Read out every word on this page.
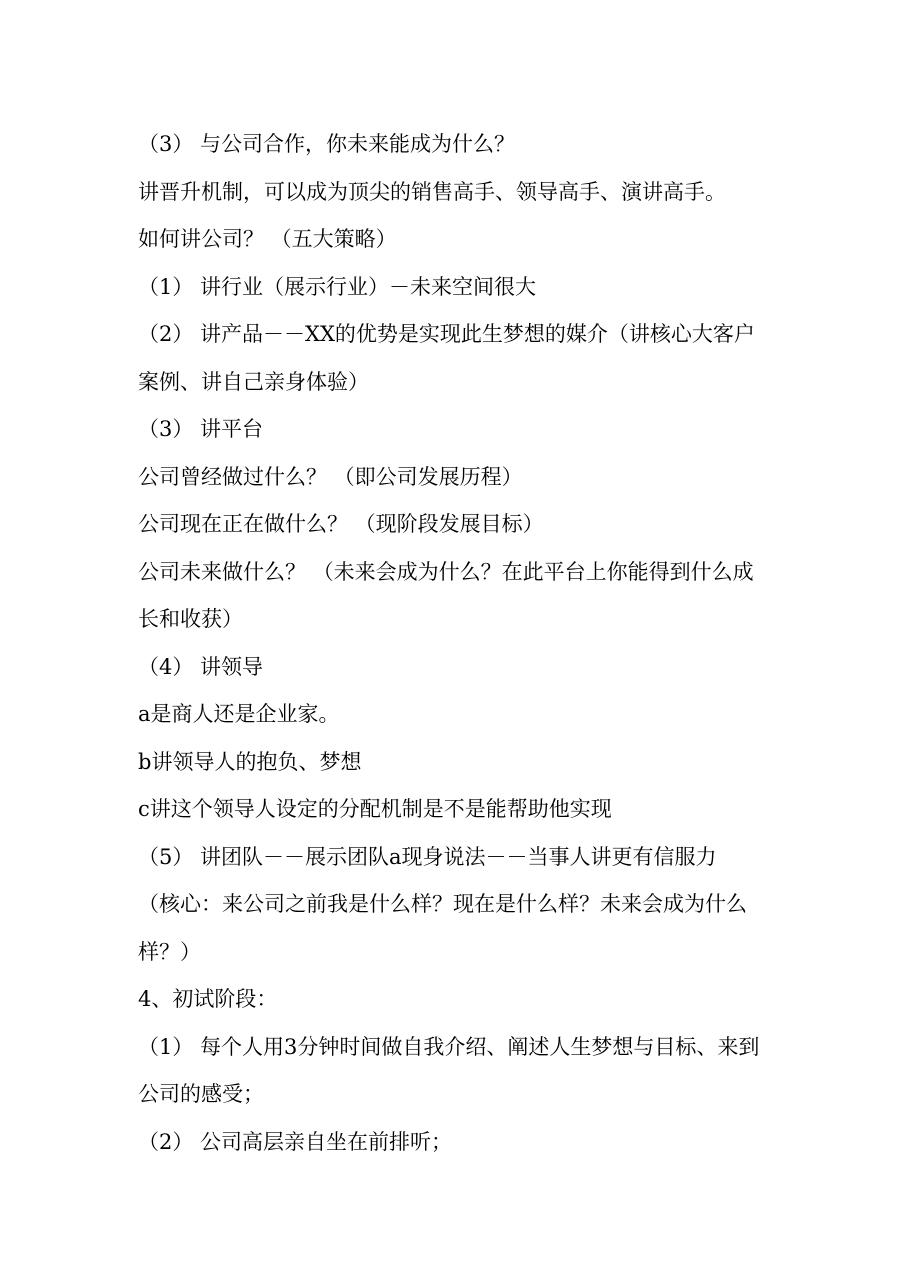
（3） 与公司合作，你未来能成为什么？
讲晋升机制，可以成为顶尖的销售高手、领导高手、演讲高手。
如何讲公司？ （五大策略）
（1） 讲行业（展示行业）－未来空间很大
（2） 讲产品－－XX的优势是实现此生梦想的媒介（讲核心大客户
案例、讲自己亲身体验）
（3） 讲平台
公司曾经做过什么？ （即公司发展历程）
公司现在正在做什么？ （现阶段发展目标）
公司未来做什么？ （未来会成为什么？在此平台上你能得到什么成
长和收获）
（4） 讲领导
a是商人还是企业家。
b讲领导人的抱负、梦想
c讲这个领导人设定的分配机制是不是能帮助他实现
（5） 讲团队－－展示团队a现身说法－－当事人讲更有信服力
（核心：来公司之前我是什么样？现在是什么样？未来会成为什么
样？）
4、初试阶段：
（1） 每个人用3分钟时间做自我介绍、阐述人生梦想与目标、来到
公司的感受；
（2） 公司高层亲自坐在前排听；
